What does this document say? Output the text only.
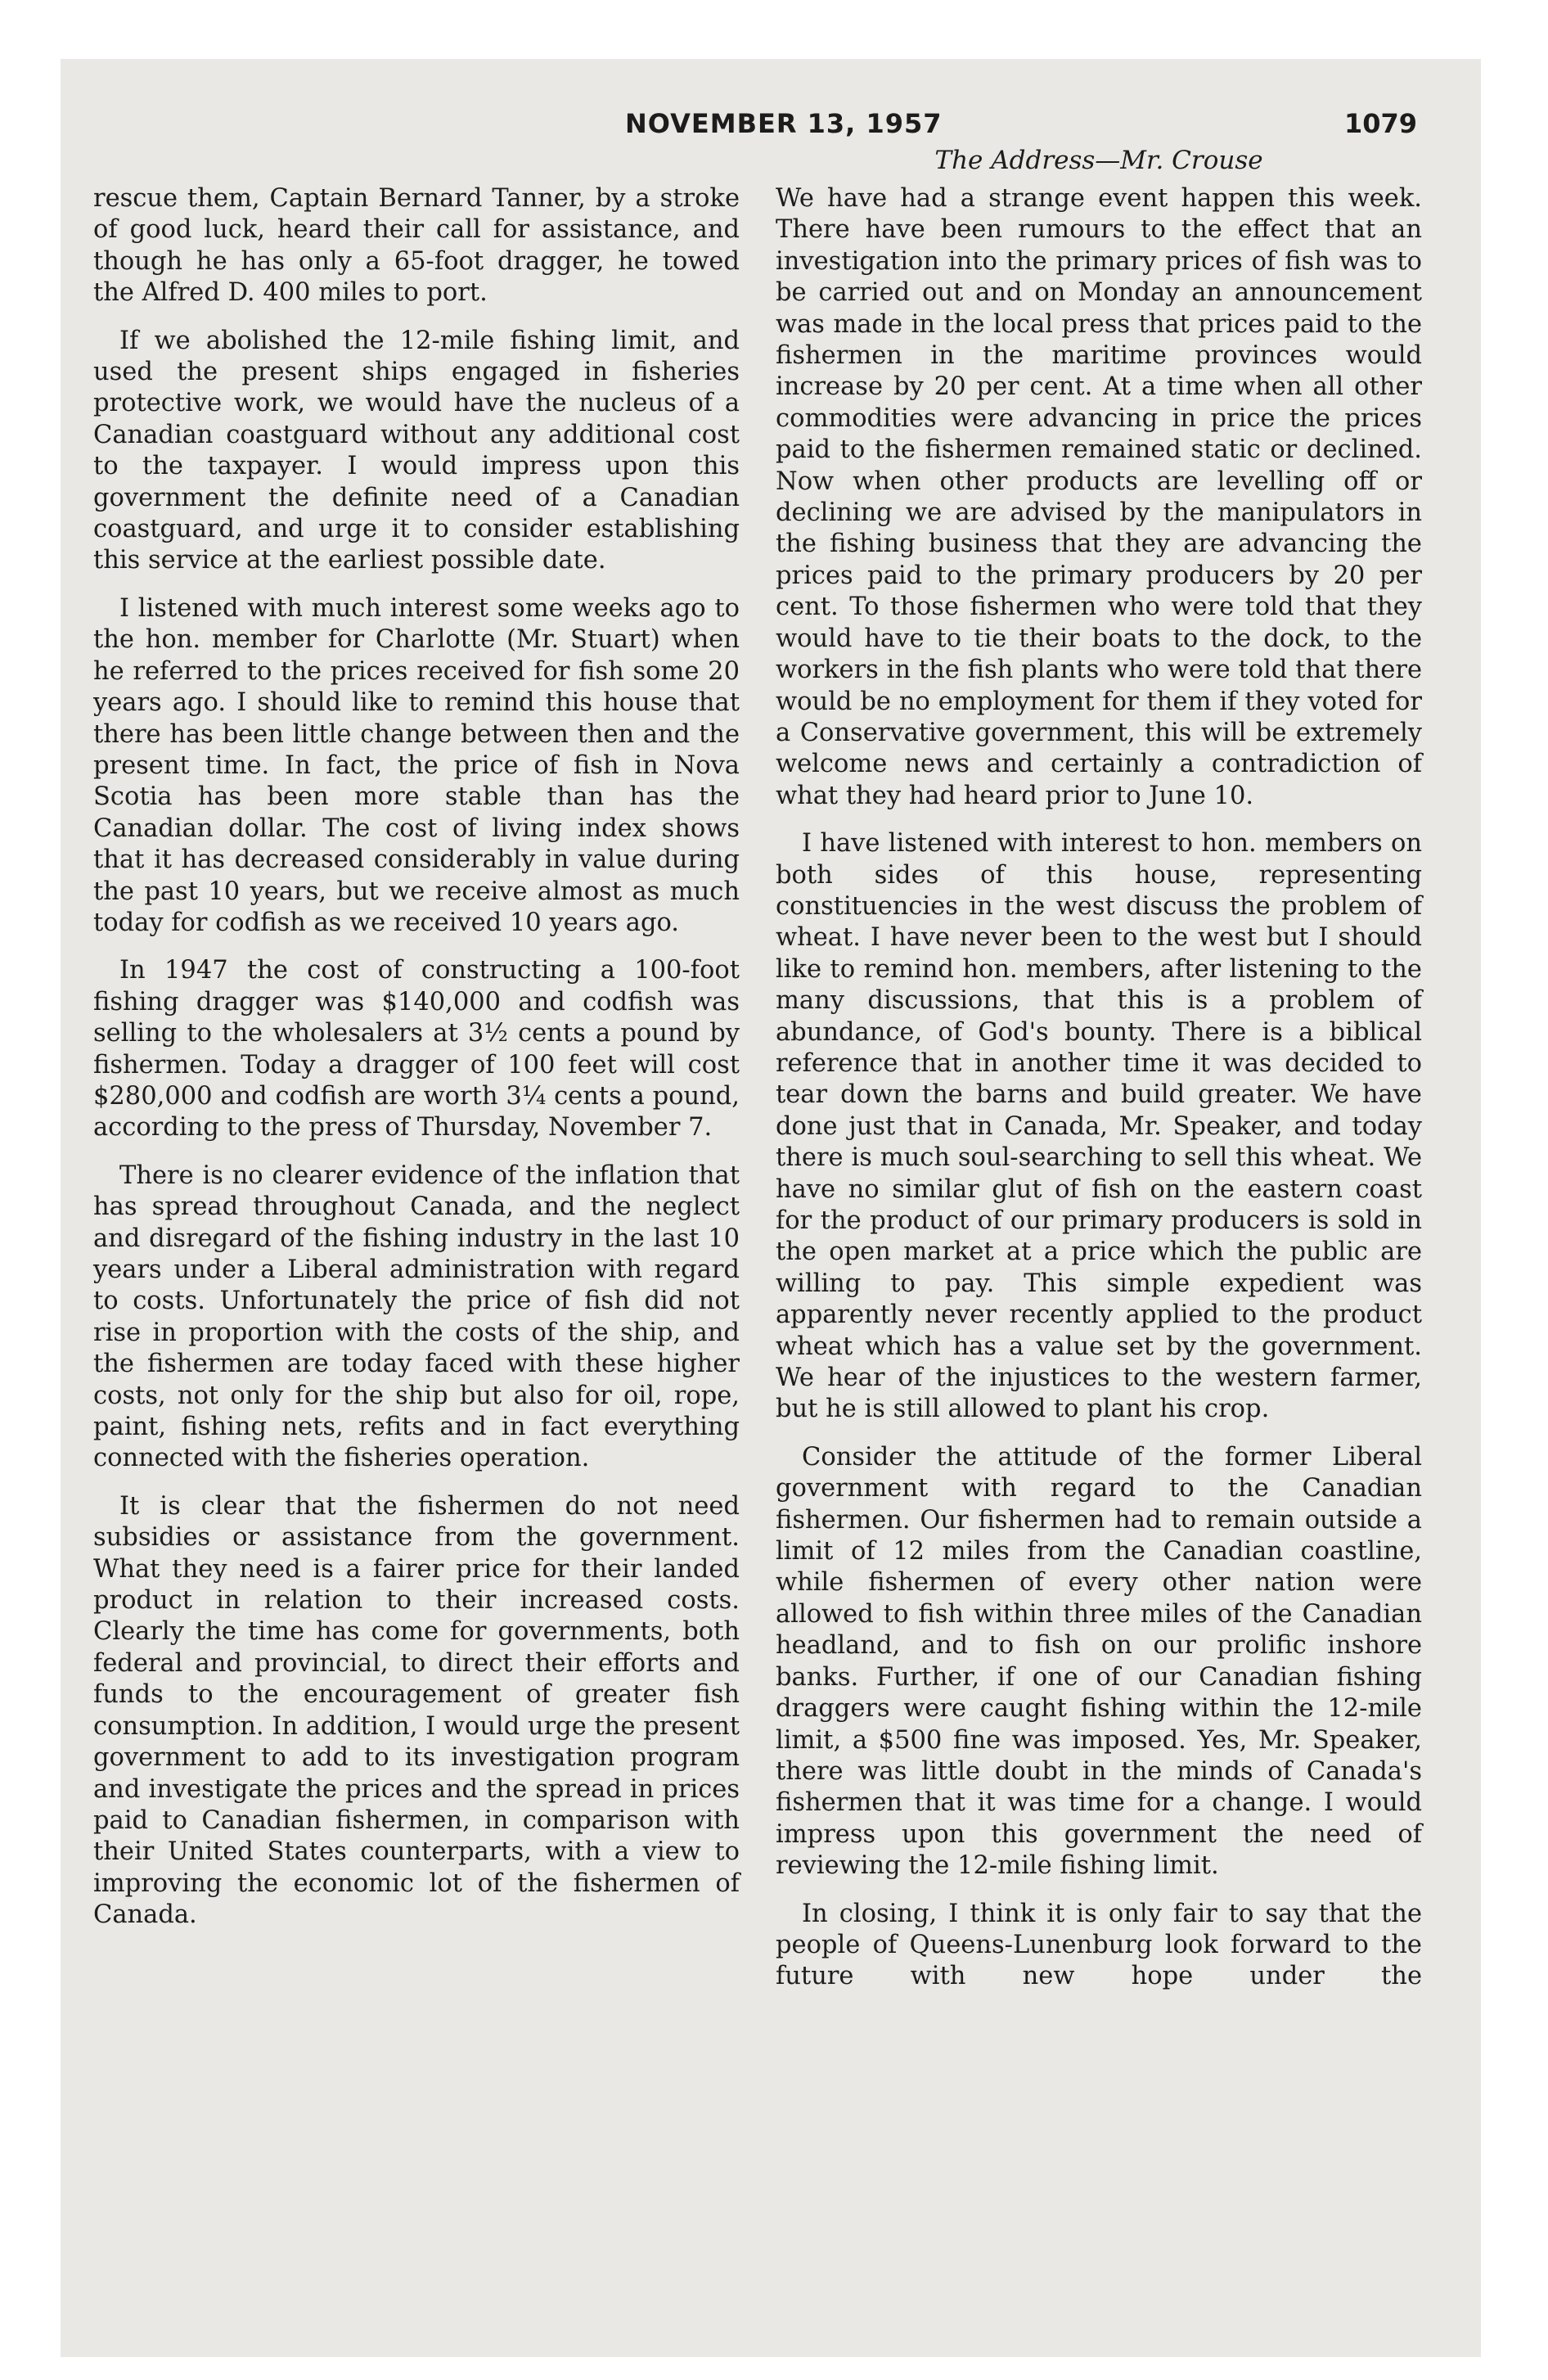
NOVEMBER 13, 1957	1079
The Address—Mr. Crouse

rescue them, Captain Bernard Tanner, by a stroke of good luck, heard their call for assistance, and though he has only a 65-foot dragger, he towed the Alfred D. 400 miles to port.

If we abolished the 12-mile fishing limit, and used the present ships engaged in fisheries protective work, we would have the nucleus of a Canadian coastguard without any additional cost to the taxpayer. I would impress upon this government the definite need of a Canadian coastguard, and urge it to consider establishing this service at the earliest possible date.

I listened with much interest some weeks ago to the hon. member for Charlotte (Mr. Stuart) when he referred to the prices received for fish some 20 years ago. I should like to remind this house that there has been little change between then and the present time. In fact, the price of fish in Nova Scotia has been more stable than has the Canadian dollar. The cost of living index shows that it has decreased considerably in value during the past 10 years, but we receive almost as much today for codfish as we received 10 years ago.

In 1947 the cost of constructing a 100-foot fishing dragger was $140,000 and codfish was selling to the wholesalers at 3½ cents a pound by fishermen. Today a dragger of 100 feet will cost $280,000 and codfish are worth 3¼ cents a pound, according to the press of Thursday, November 7.

There is no clearer evidence of the inflation that has spread throughout Canada, and the neglect and disregard of the fishing industry in the last 10 years under a Liberal administration with regard to costs. Unfortunately the price of fish did not rise in proportion with the costs of the ship, and the fishermen are today faced with these higher costs, not only for the ship but also for oil, rope, paint, fishing nets, refits and in fact everything connected with the fisheries operation.

It is clear that the fishermen do not need subsidies or assistance from the government. What they need is a fairer price for their landed product in relation to their increased costs. Clearly the time has come for governments, both federal and provincial, to direct their efforts and funds to the encouragement of greater fish consumption. In addition, I would urge the present government to add to its investigation program and investigate the prices and the spread in prices paid to Canadian fishermen, in comparison with their United States counterparts, with a view to improving the economic lot of the fishermen of Canada.

We have had a strange event happen this week. There have been rumours to the effect that an investigation into the primary prices of fish was to be carried out and on Monday an announcement was made in the local press that prices paid to the fishermen in the maritime provinces would increase by 20 per cent. At a time when all other commodities were advancing in price the prices paid to the fishermen remained static or declined. Now when other products are levelling off or declining we are advised by the manipulators in the fishing business that they are advancing the prices paid to the primary producers by 20 per cent. To those fishermen who were told that they would have to tie their boats to the dock, to the workers in the fish plants who were told that there would be no employment for them if they voted for a Conservative government, this will be extremely welcome news and certainly a contradiction of what they had heard prior to June 10.

I have listened with interest to hon. members on both sides of this house, representing constituencies in the west discuss the problem of wheat. I have never been to the west but I should like to remind hon. members, after listening to the many discussions, that this is a problem of abundance, of God's bounty. There is a biblical reference that in another time it was decided to tear down the barns and build greater. We have done just that in Canada, Mr. Speaker, and today there is much soul-searching to sell this wheat. We have no similar glut of fish on the eastern coast for the product of our primary producers is sold in the open market at a price which the public are willing to pay. This simple expedient was apparently never recently applied to the product wheat which has a value set by the government. We hear of the injustices to the western farmer, but he is still allowed to plant his crop.

Consider the attitude of the former Liberal government with regard to the Canadian fishermen. Our fishermen had to remain outside a limit of 12 miles from the Canadian coastline, while fishermen of every other nation were allowed to fish within three miles of the Canadian headland, and to fish on our prolific inshore banks. Further, if one of our Canadian fishing draggers were caught fishing within the 12-mile limit, a $500 fine was imposed. Yes, Mr. Speaker, there was little doubt in the minds of Canada's fishermen that it was time for a change. I would impress upon this government the need of reviewing the 12-mile fishing limit.

In closing, I think it is only fair to say that the people of Queens-Lunenburg look forward to the future with new hope under the
